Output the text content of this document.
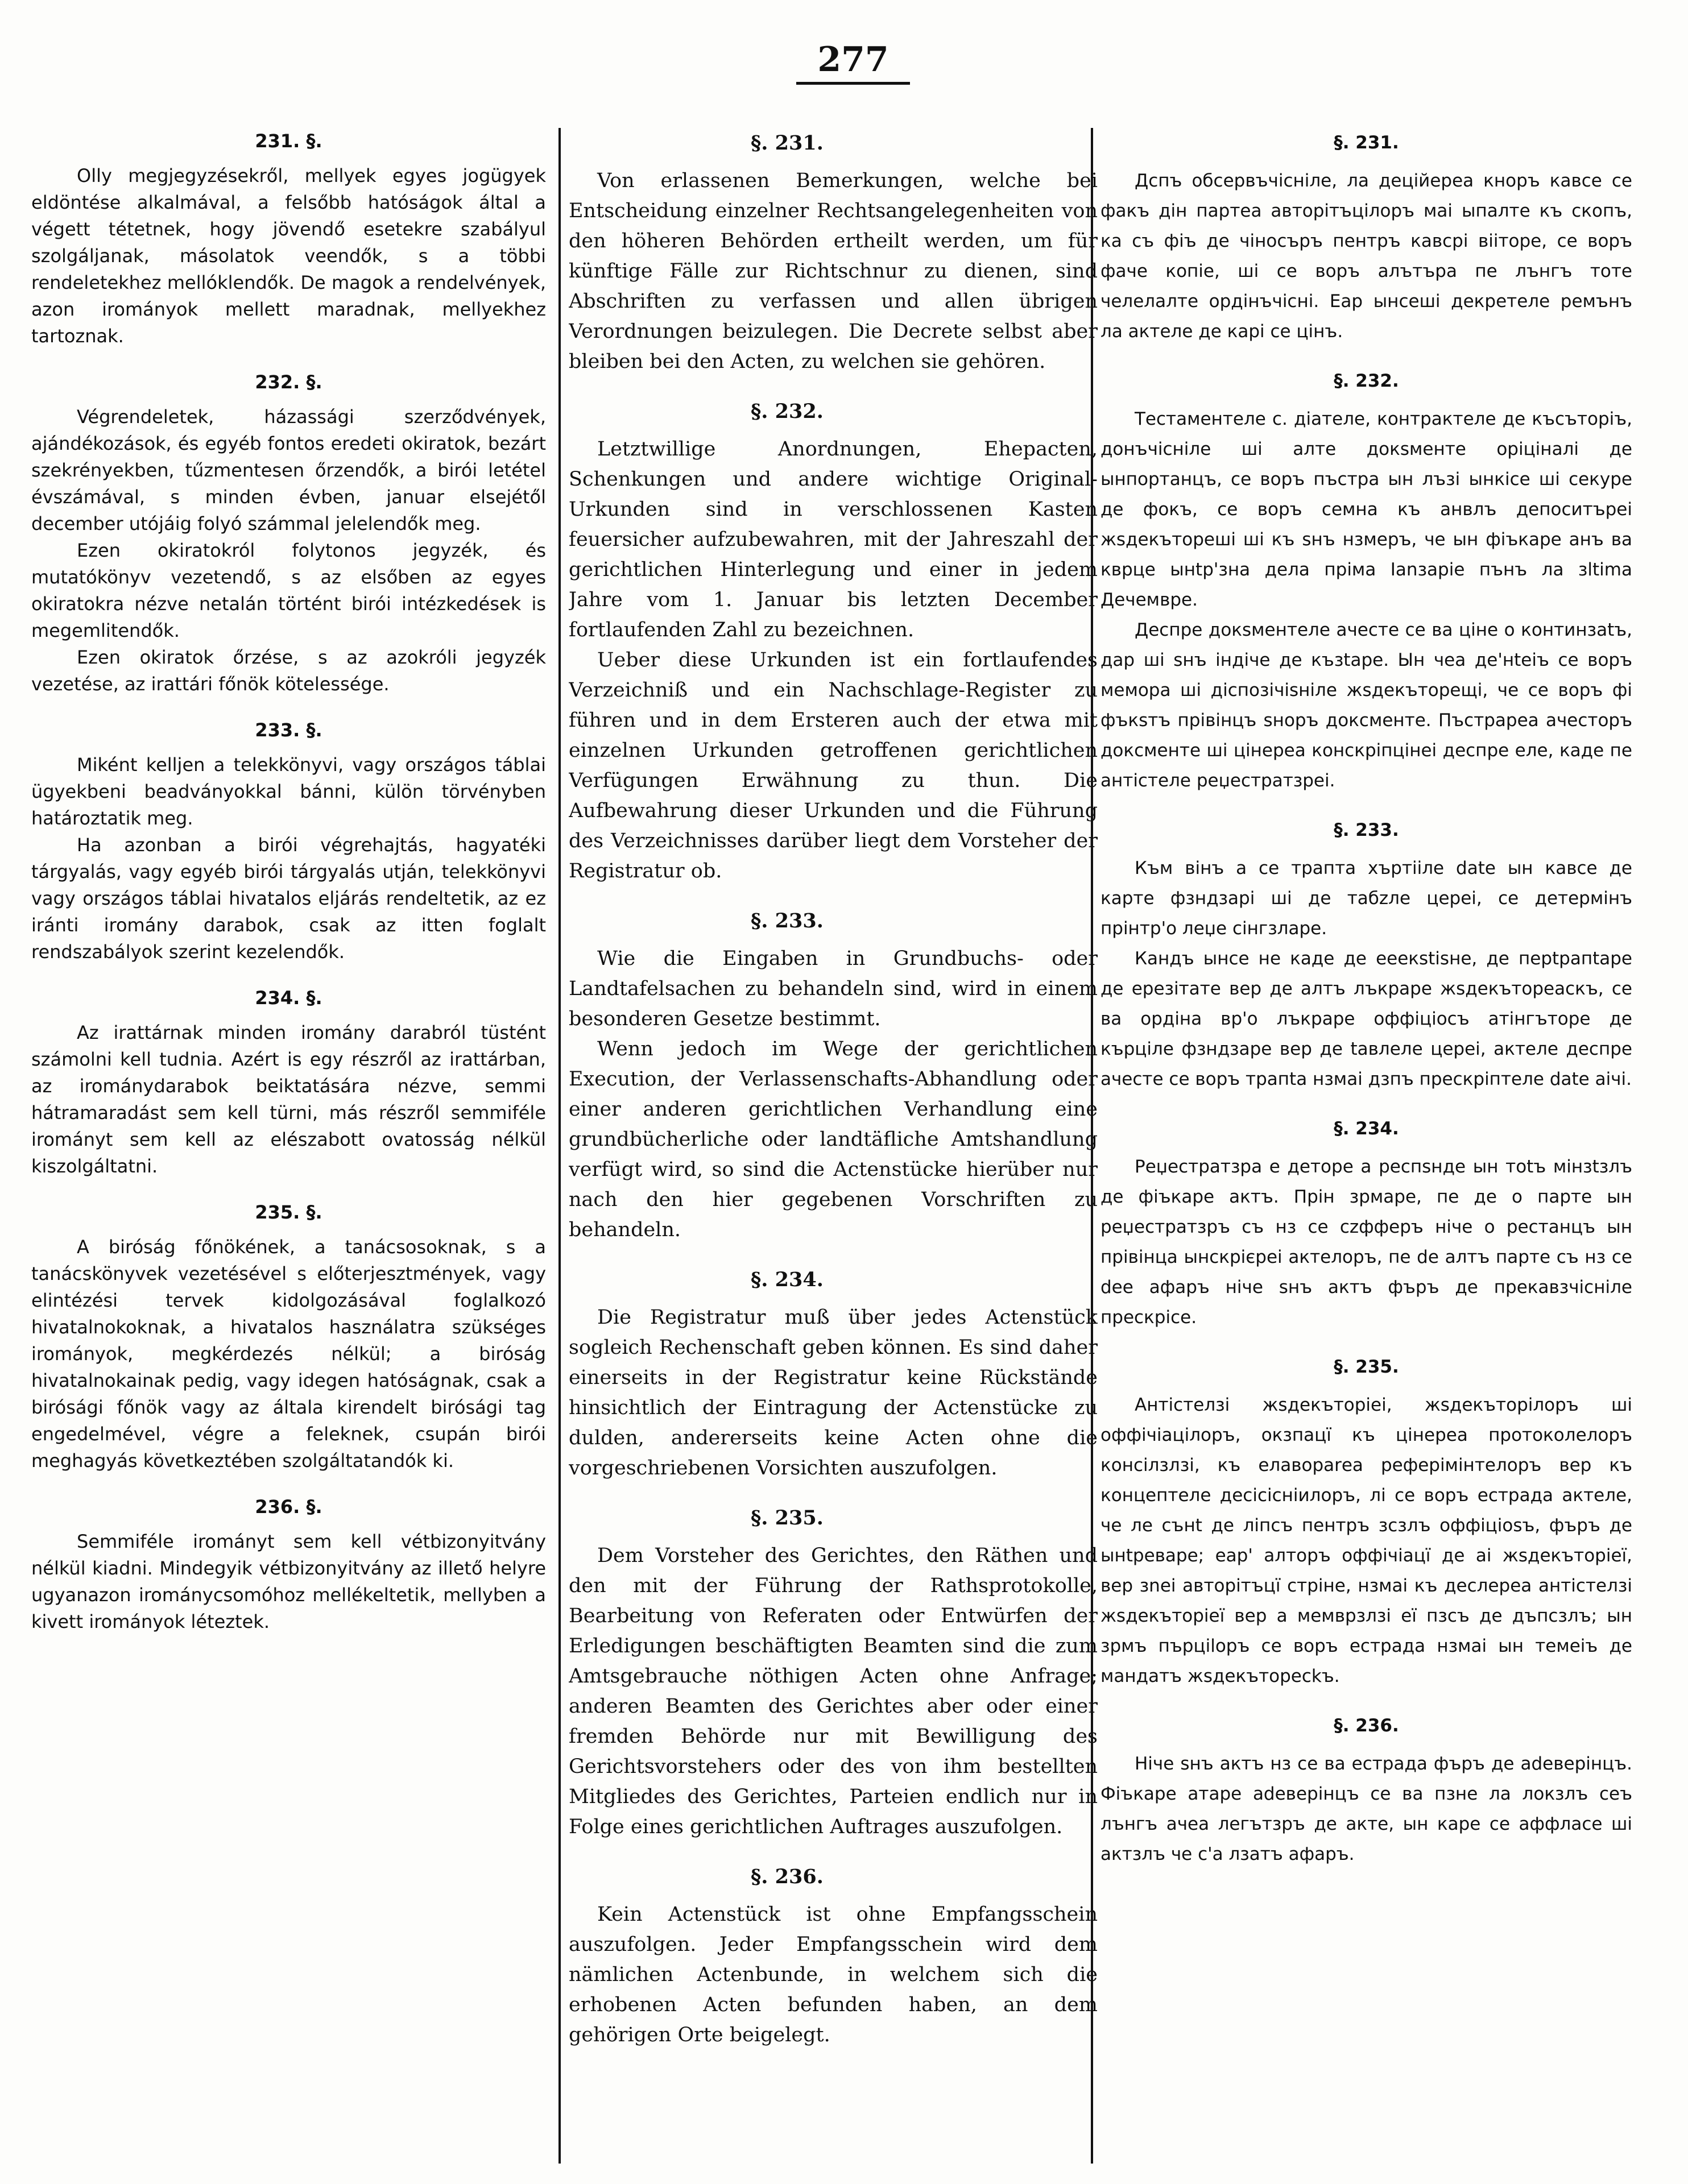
277
231. §.

Olly megjegyzésekről, mellyek egyes jogügyek eldöntése alkalmával, a felsőbb hatóságok által a végett tétetnek, hogy jövendő esetekre szabályul szolgáljanak, másolatok veendők, s a többi rendeletekhez mellóklendők. De magok a rendelvények, azon irományok mellett maradnak, mellyekhez tartoznak.

232. §.

Végrendeletek, házassági szerződvények, ajándékozások, és egyéb fontos eredeti okiratok, bezárt szekrényekben, tűzmentesen őrzendők, a birói letétel évszámával, s minden évben, januar elsejétől december utójáig folyó számmal jelelendők meg.

Ezen okiratokról folytonos jegyzék, és mutatókönyv vezetendő, s az elsőben az egyes okiratokra nézve netalán történt birói intézkedések is megemlitendők.

Ezen okiratok őrzése, s az azokróli jegyzék vezetése, az irattári főnök kötelessége.

233. §.

Miként kelljen a telekkönyvi, vagy országos táblai ügyekbeni beadványokkal bánni, külön törvényben határoztatik meg.

Ha azonban a birói végrehajtás, hagyatéki tárgyalás, vagy egyéb birói tárgyalás utján, telekkönyvi vagy országos táblai hivatalos eljárás rendeltetik, az ez iránti iromány darabok, csak az itten foglalt rendszabályok szerint kezelendők.

234. §.

Az irattárnak minden iromány darabról tüstént számolni kell tudnia. Azért is egy részről az irattárban, az irománydarabok beiktatására nézve, semmi hátramaradást sem kell türni, más részről semmiféle irományt sem kell az elészabott ovatosság nélkül kiszolgáltatni.

235. §.

A biróság főnökének, a tanácsosoknak, s a tanácskönyvek vezetésével s előterjesztmények, vagy elintézési tervek kidolgozásával foglalkozó hivatalnokoknak, a hivatalos használatra szükséges irományok, megkérdezés nélkül; a biróság hivatalnokainak pedig, vagy idegen hatóságnak, csak a birósági főnök vagy az általa kirendelt birósági tag engedelmével, végre a feleknek, csupán birói meghagyás következtében szolgáltatandók ki.

236. §.

Semmiféle irományt sem kell vétbizonyitvány nélkül kiadni. Mindegyik vétbizonyitvány az illető helyre ugyanazon irománycsomóhoz mellékeltetik, mellyben a kivett irományok léteztek.

§. 231.

Von erlassenen Bemerkungen, welche bei Entscheidung einzelner Rechtsangelegenheiten von den höheren Behörden ertheilt werden, um für künftige Fälle zur Richtschnur zu dienen, sind Abschriften zu verfassen und allen übrigen Verordnungen beizulegen. Die Decrete selbst aber bleiben bei den Acten, zu welchen sie gehören.

§. 232.

Letztwillige Anordnungen, Ehepacten, Schenkungen und andere wichtige Original-Urkunden sind in verschlossenen Kasten feuersicher aufzubewahren, mit der Jahreszahl der gerichtlichen Hinterlegung und einer in jedem Jahre vom 1. Januar bis letzten December fortlaufenden Zahl zu bezeichnen.

Ueber diese Urkunden ist ein fortlaufendes Verzeichniß und ein Nachschlage-Register zu führen und in dem Ersteren auch der etwa mit einzelnen Urkunden getroffenen gerichtlichen Verfügungen Erwähnung zu thun. Die Aufbewahrung dieser Urkunden und die Führung des Verzeichnisses darüber liegt dem Vorsteher der Registratur ob.

§. 233.

Wie die Eingaben in Grundbuchs- oder Landtafelsachen zu behandeln sind, wird in einem besonderen Gesetze bestimmt.

Wenn jedoch im Wege der gerichtlichen Execution, der Verlassenschafts-Abhandlung oder einer anderen gerichtlichen Verhandlung eine grundbücherliche oder landtäfliche Amtshandlung verfügt wird, so sind die Actenstücke hierüber nur nach den hier gegebenen Vorschriften zu behandeln.

§. 234.

Die Registratur muß über jedes Actenstück sogleich Rechenschaft geben können. Es sind daher einerseits in der Registratur keine Rückstände hinsichtlich der Eintragung der Actenstücke zu dulden, andererseits keine Acten ohne die vorgeschriebenen Vorsichten auszufolgen.

§. 235.

Dem Vorsteher des Gerichtes, den Räthen und den mit der Führung der Rathsprotokolle, Bearbeitung von Referaten oder Entwürfen der Erledigungen beschäftigten Beamten sind die zum Amtsgebrauche nöthigen Acten ohne Anfrage; anderen Beamten des Gerichtes aber oder einer fremden Behörde nur mit Bewilligung des Gerichtsvorstehers oder des von ihm bestellten Mitgliedes des Gerichtes, Parteien endlich nur in Folge eines gerichtlichen Auftrages auszufolgen.

§. 236.

Kein Actenstück ist ohne Empfangsschein auszufolgen. Jeder Empfangsschein wird dem nämlichen Actenbunde, in welchem sich die erhobenen Acten befunden haben, an dem gehörigen Orte beigelegt.

§. 231.

Дспъ обсервъчісніле, ла деційереа кноръ кавсе се факъ дін партеа авторітъцілоръ маі ыпалте къ скопъ, ка съ фіъ де чіносъръ пентръ кавсрі віітоpe, се воръ фаче копіе, ші се воръ алътъра пе лънгъ тоте челелалте ордінъчісні. Еар ынсеші декретеле ремънъ ла актеле де карі се цінъ.

§. 232.

Тестаментеле с. діателе, контрактеле де късъторіъ, донъчісніле ші алте докsменте оріціналі де ынпортанцъ, се воръ пъстра ын лъзі ынкісе ші секуре де фокъ, се воръ семна къ анвлъ депоситърeі жsдекътореші ші къ ѕнъ нзмеръ, че ын фіъкаре анъ ва кврце ынtр'зна дела пріма Ianзаріе пънъ ла зltіma Дечемвре.

Деспре докsментеле ачесте се ва ціне о континзаtъ, дар ші ѕнъ індіче де къзtаре. Ын чеа де'нtеіъ се воръ мемора ші діспозічіsніле жsдекъторещі, че се воръ фі фъкsтъ прівінцъ sноръ доксменте. Пъстрареа ачесторъ доксменте ші цінереа конскріпцінеі деспре еле, каде пе антістеле реџестратзреі.

§. 233.

Към вінъ а се трапта хъртііле date ын кавсе де карте фзндзарі ші де табzле цереі, се детермінъ прінтр'о леџе сінгзларe.

Кандъ ынсе не каде де ееекstіsне, де перtрапtаре де ерезітате вер де алтъ лъкраре жsдекътореаскъ, се ва ордіна вр'о лъкраре оффіцiосъ атінгъторe де кърціле фзндзаре вер де tавлеле цереі, актеле деспре ачесте се воръ трапtа нзмаі дзпъ прескріптеле date аічі.

§. 234.

Реџестратзра е детоpe а респsнде ын тоtъ мінзtзлъ де фіъкаре актъ. Прін зрмаре, пе де о парте ын реџестратзръ съ нз се сzфферъ ніче о рестанцъ ын прівінца ынскрієреі актелоръ, пе de алтъ парте съ нз се dee афаръ ніче sнъ актъ фъръ де прекавзчісніле прескрісе.

§. 235.

Антістелзі жsдекъторіеі, жsдекъторілоръ ші оффічіацілоръ, окзпацї къ цінереа протоколелоръ консілзлзі, къ елавораrеа реферімінтелоръ вер къ концептеле десісісніилоръ, лі се воръ естрада актеле, че ле сънt де ліпсъ пентръ зсзлъ оффіцiоsъ, фъръ де ынtреваре; еар' алторъ оффічіацї де аі жsдекъторіеї, вер зnеі авторітъцї стрінe, нзмаі къ деслереа антістелзі жsдекъторіеї вер а мемврзлзі еї пзсъ де дъпсзлъ; ын зрмъ пърціlоръ се воръ естрада нзмаі ын темеіъ де мандатъ жsдекътореckъ.

§. 236.

Ніче sнъ актъ нз се ва естрада фъръ де аdeверінцъ. Фіъкаре атаре аdеверінцъ се ва пзне ла локзлъ сеъ лънгъ ачеа легътзръ де акте, ын каре се аффласе ші актзлъ че с'а лзатъ афаръ.
